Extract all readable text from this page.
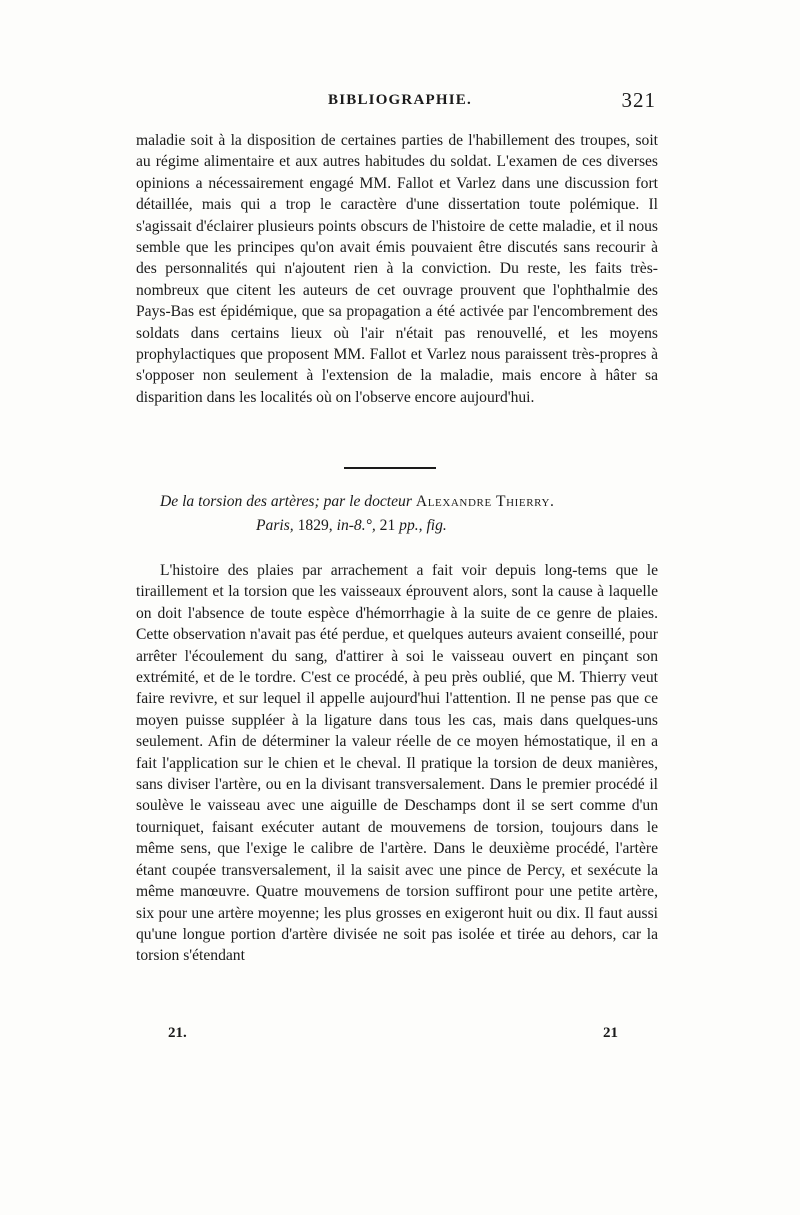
BIBLIOGRAPHIE.	321

maladie soit à la disposition de certaines parties de l'habillement des troupes, soit au régime alimentaire et aux autres habitudes du soldat. L'examen de ces diverses opinions a nécessairement engagé MM. Fallot et Varlez dans une discussion fort détaillée, mais qui a trop le caractère d'une dissertation toute polémique. Il s'agissait d'éclairer plusieurs points obscurs de l'histoire de cette maladie, et il nous semble que les principes qu'on avait émis pouvaient être discutés sans recourir à des personnalités qui n'ajoutent rien à la conviction. Du reste, les faits très-nombreux que citent les auteurs de cet ouvrage prouvent que l'ophthalmie des Pays-Bas est épidémique, que sa propagation a été activée par l'encombrement des soldats dans certains lieux où l'air n'était pas renouvellé, et les moyens prophylactiques que proposent MM. Fallot et Varlez nous paraissent très-propres à s'opposer non seulement à l'extension de la maladie, mais encore à hâter sa disparition dans les localités où on l'observe encore aujourd'hui.

De la torsion des artères; par le docteur Alexandre Thierry.
Paris, 1829, in-8.°, 21 pp., fig.

L'histoire des plaies par arrachement a fait voir depuis long-tems que le tiraillement et la torsion que les vaisseaux éprouvent alors, sont la cause à laquelle on doit l'absence de toute espèce d'hémorrhagie à la suite de ce genre de plaies. Cette observation n'avait pas été perdue, et quelques auteurs avaient conseillé, pour arrêter l'écoulement du sang, d'attirer à soi le vaisseau ouvert en pinçant son extrémité, et de le tordre. C'est ce procédé, à peu près oublié, que M. Thierry veut faire revivre, et sur lequel il appelle aujourd'hui l'attention. Il ne pense pas que ce moyen puisse suppléer à la ligature dans tous les cas, mais dans quelques-uns seulement. Afin de déterminer la valeur réelle de ce moyen hémostatique, il en a fait l'application sur le chien et le cheval. Il pratique la torsion de deux manières, sans diviser l'artère, ou en la divisant transversalement. Dans le premier procédé il soulève le vaisseau avec une aiguille de Deschamps dont il se sert comme d'un tourniquet, faisant exécuter autant de mouvemens de torsion, toujours dans le même sens, que l'exige le calibre de l'artère. Dans le deuxième procédé, l'artère étant coupée transversalement, il la saisit avec une pince de Percy, et sexécute la même manœuvre. Quatre mouvemens de torsion suffiront pour une petite artère, six pour une artère moyenne; les plus grosses en exigeront huit ou dix. Il faut aussi qu'une longue portion d'artère divisée ne soit pas isolée et tirée au dehors, car la torsion s'étendant

21.	21
